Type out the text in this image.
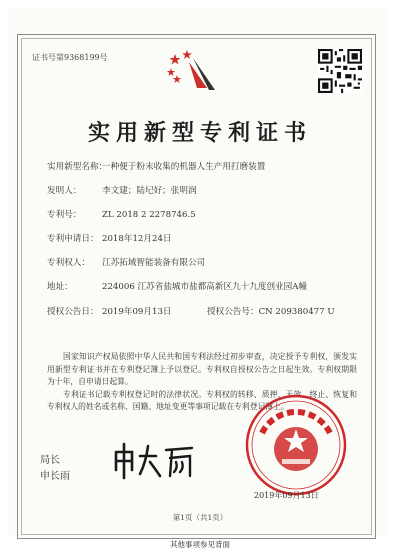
证书号第9368199号
实用新型专利证书
实用新型名称：一种便于粉末收集的机器人生产用打磨装置
发明人： 李文建；陆圮好；张明润
专利号： ZL 2018 2 2278746.5
专利申请日： 2018年12月24日
专利权人： 江苏拓域智能装备有限公司
地址：	224006 江苏省盐城市盐都高新区九十九度创业园A幢
授权公告日： 2019年09月13日	授权公告号：CN 209380477 U

国家知识产权局依照中华人民共和国专利法经过初步审查，决定授予专利权，颁发实用新型专利证书并在专利登记簿上予以登记。专利权自授权公告之日起生效。专利权期限为十年，自申请日起算。

专利证书记载专利权登记时的法律状况。专利权的转移、质押、无效、终止、恢复和专利权人的姓名或名称、国籍、地址变更等事项记载在专利登记簿上。

局长
申长雨
2019年09月13日
第1页（共1页）
其他事项参见背面
